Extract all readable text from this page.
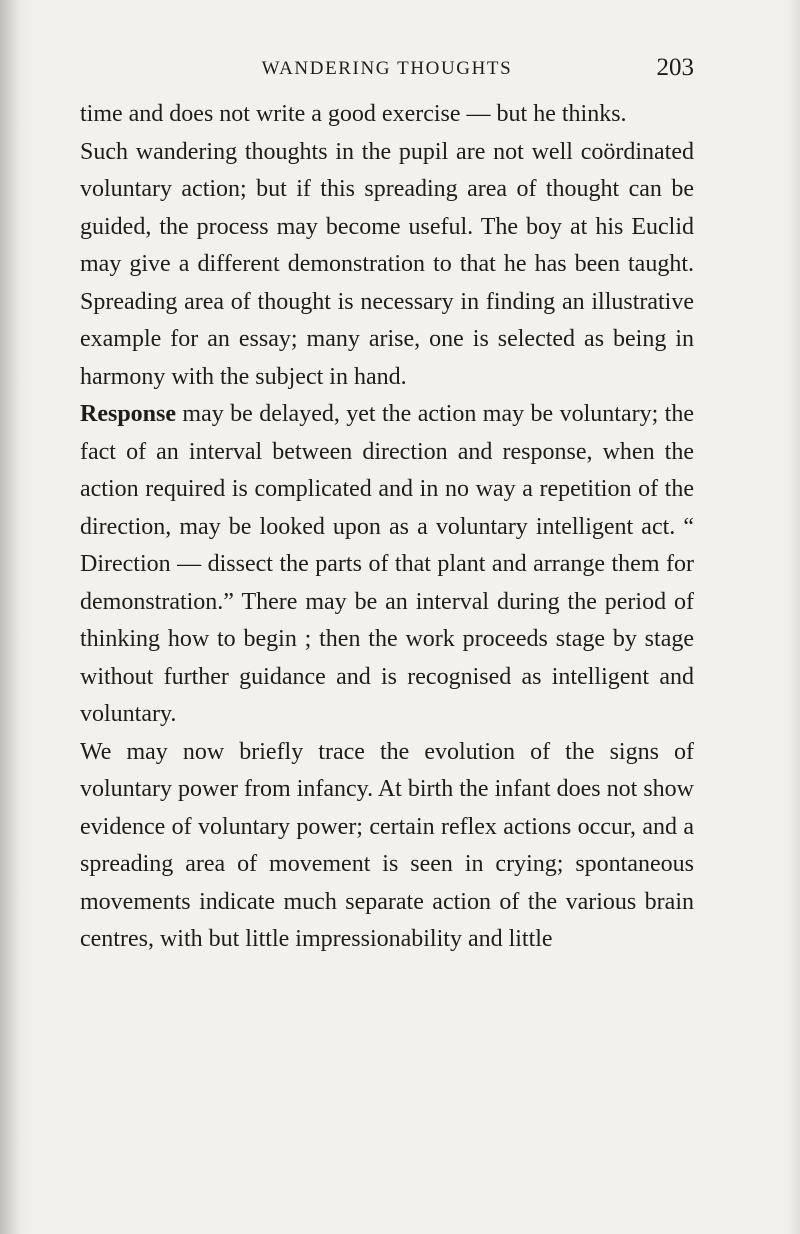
WANDERING THOUGHTS	203

time and does not write a good exercise — but he thinks.

Such wandering thoughts in the pupil are not well coördinated voluntary action; but if this spreading area of thought can be guided, the process may become useful. The boy at his Euclid may give a different demonstration to that he has been taught. Spreading area of thought is necessary in finding an illustrative example for an essay; many arise, one is selected as being in harmony with the subject in hand.

Response may be delayed, yet the action may be voluntary; the fact of an interval between direction and response, when the action required is complicated and in no way a repetition of the direction, may be looked upon as a voluntary intelligent act. “ Direction — dissect the parts of that plant and arrange them for demonstration.” There may be an interval during the period of thinking how to begin ; then the work proceeds stage by stage without further guidance and is recognised as intelligent and voluntary.

We may now briefly trace the evolution of the signs of voluntary power from infancy. At birth the infant does not show evidence of voluntary power; certain reflex actions occur, and a spreading area of movement is seen in crying; spontaneous movements indicate much separate action of the various brain centres, with but little impressionability and little
